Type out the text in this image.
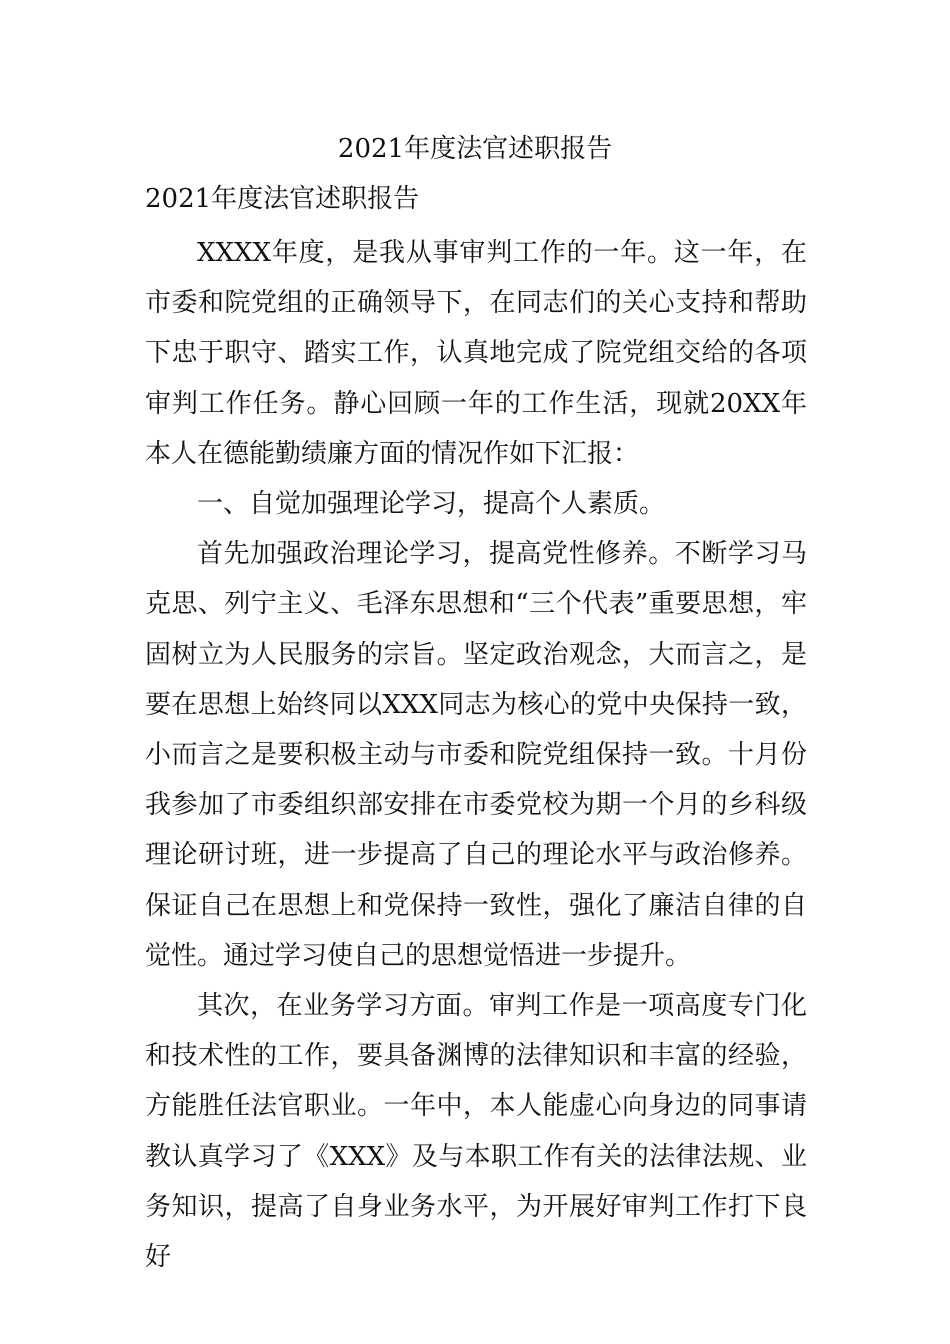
2021年度法官述职报告

2021年度法官述职报告

XXXX年度，是我从事审判工作的一年。这一年，在市委和院党组的正确领导下，在同志们的关心支持和帮助下忠于职守、踏实工作，认真地完成了院党组交给的各项审判工作任务。静心回顾一年的工作生活，现就20XX年本人在德能勤绩廉方面的情况作如下汇报：

一、自觉加强理论学习，提高个人素质。

首先加强政治理论学习，提高党性修养。不断学习马克思、列宁主义、毛泽东思想和“三个代表”重要思想，牢固树立为人民服务的宗旨。坚定政治观念，大而言之，是要在思想上始终同以XXX同志为核心的党中央保持一致，小而言之是要积极主动与市委和院党组保持一致。十月份我参加了市委组织部安排在市委党校为期一个月的乡科级理论研讨班，进一步提高了自己的理论水平与政治修养。保证自己在思想上和党保持一致性，强化了廉洁自律的自觉性。通过学习使自己的思想觉悟进一步提升。

其次，在业务学习方面。审判工作是一项高度专门化和技术性的工作，要具备渊博的法律知识和丰富的经验，方能胜任法官职业。一年中，本人能虚心向身边的同事请教认真学习了《XXX》及与本职工作有关的法律法规、业务知识，提高了自身业务水平，为开展好审判工作打下良好
